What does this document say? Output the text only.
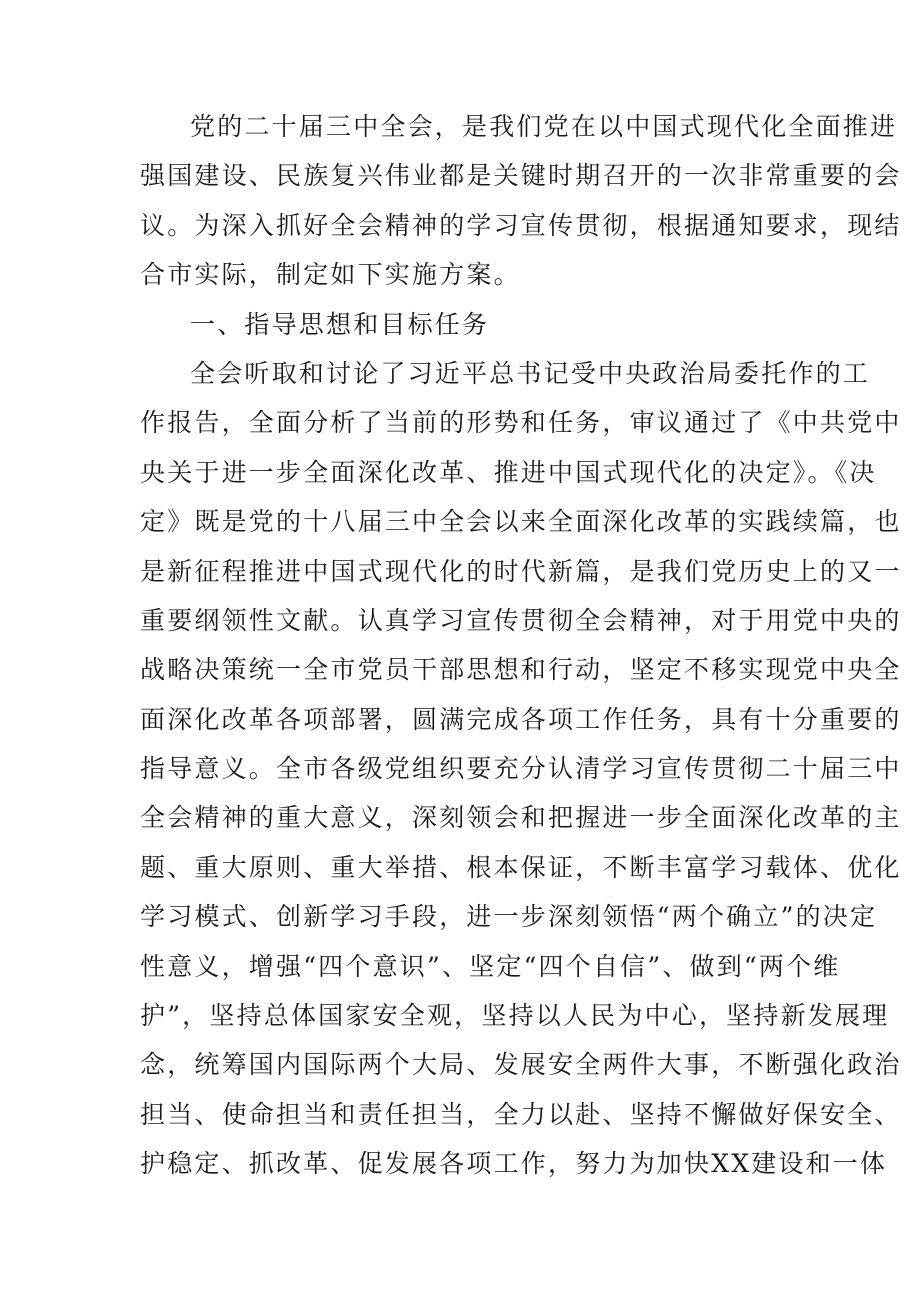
党的二十届三中全会，是我们党在以中国式现代化全面推进
强国建设、民族复兴伟业都是关键时期召开的一次非常重要的会
议。为深入抓好全会精神的学习宣传贯彻，根据通知要求，现结
合市实际，制定如下实施方案。
一、指导思想和目标任务
全会听取和讨论了习近平总书记受中央政治局委托作的工
作报告，全面分析了当前的形势和任务，审议通过了《中共党中
央关于进一步全面深化改革、推进中国式现代化的决定》。《决
定》既是党的十八届三中全会以来全面深化改革的实践续篇，也
是新征程推进中国式现代化的时代新篇，是我们党历史上的又一
重要纲领性文献。认真学习宣传贯彻全会精神，对于用党中央的
战略决策统一全市党员干部思想和行动，坚定不移实现党中央全
面深化改革各项部署，圆满完成各项工作任务，具有十分重要的
指导意义。全市各级党组织要充分认清学习宣传贯彻二十届三中
全会精神的重大意义，深刻领会和把握进一步全面深化改革的主
题、重大原则、重大举措、根本保证，不断丰富学习载体、优化
学习模式、创新学习手段，进一步深刻领悟“两个确立”的决定
性意义，增强“四个意识”、坚定“四个自信”、做到“两个维
护”，坚持总体国家安全观，坚持以人民为中心，坚持新发展理
念，统筹国内国际两个大局、发展安全两件大事，不断强化政治
担当、使命担当和责任担当，全力以赴、坚持不懈做好保安全、
护稳定、抓改革、促发展各项工作，努力为加快XX建设和一体
